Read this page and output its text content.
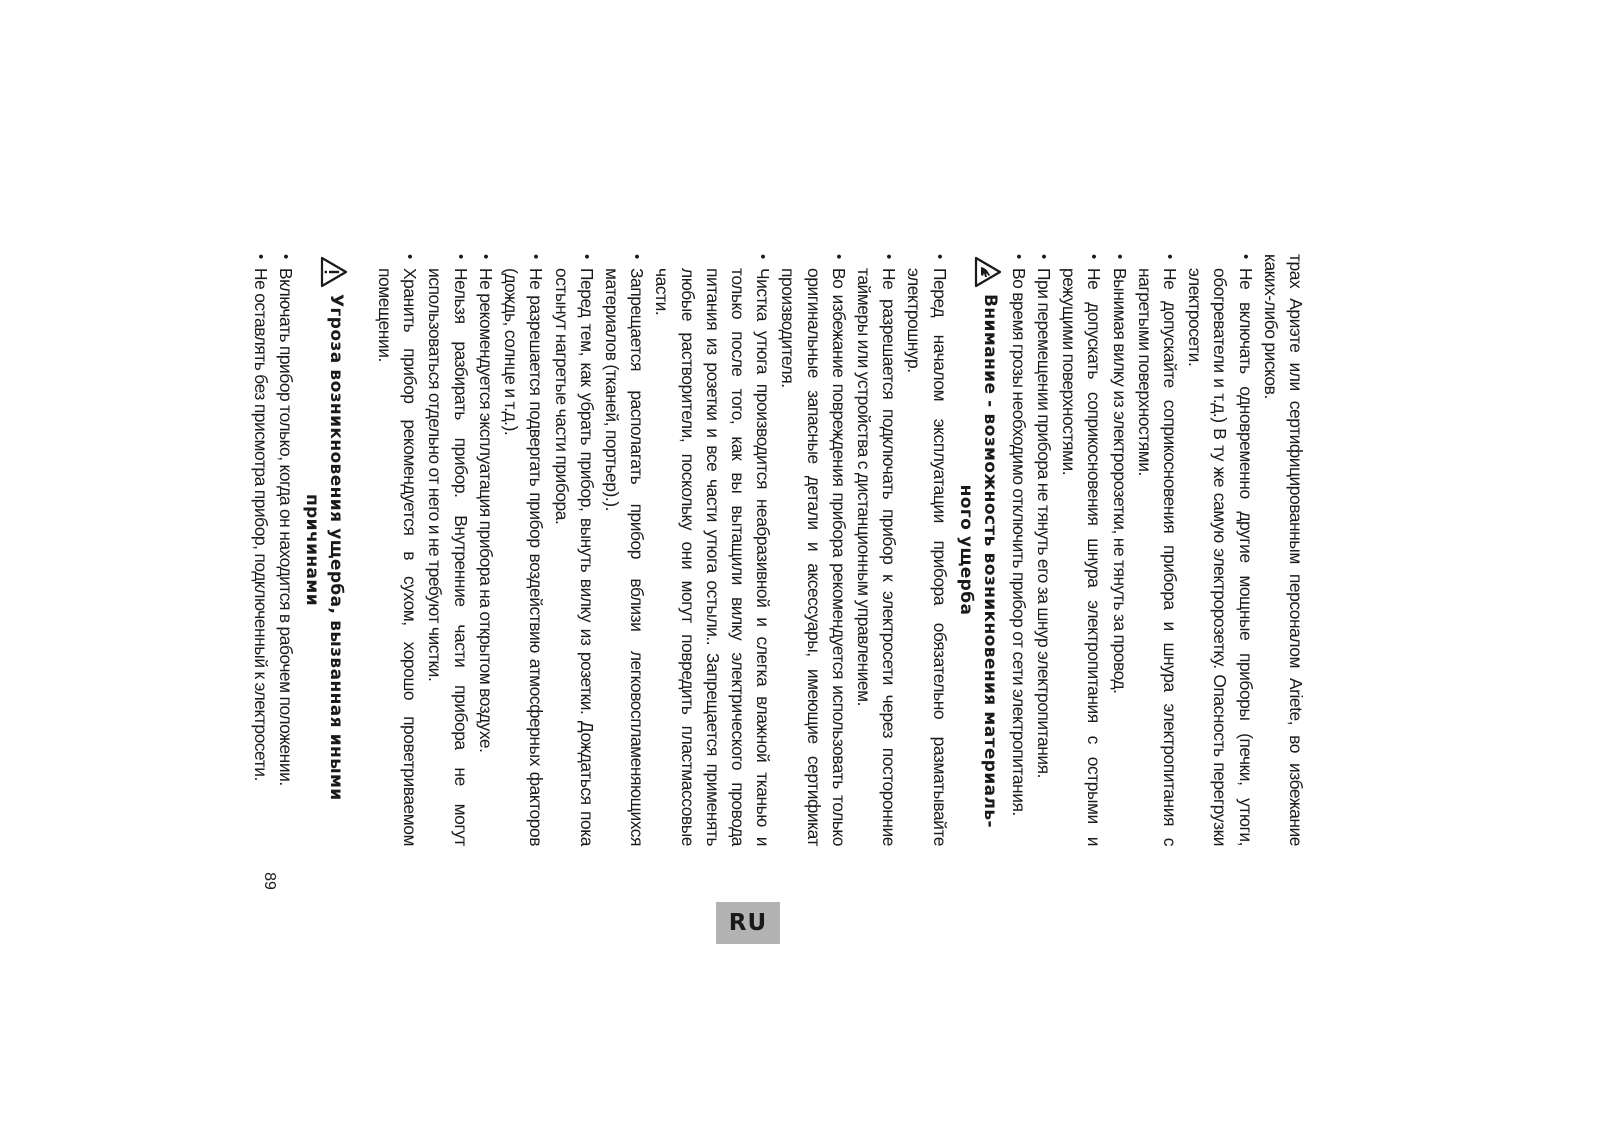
трах Ариэте или сертифицированным персоналом Ariete, во избежание каких-либо рисков.

• Не включать одновременно другие мощные приборы (печки, утюги, обогреватели и т.д.) В ту же самую электророзетку. Опасность перегрузки электросети.
• Не допускайте соприкосновения прибора и шнура электропитания с нагретыми поверхностями.
• Вынимая вилку из электророзетки, не тянуть за провод.
• Не допускать соприкосновения шнура электропитания с острыми и режущими поверхностями.
• При перемещении прибора не тянуть его за шнур электропитания.
• Во время грозы необходимо отключить прибор от сети электропитания.
Внимание - возможность возникновения материаль-
ного ущерба
• Перед началом эксплуатации прибора обязательно разматывайте электрошнур.
• Не разрешается подключать прибор к электросети через посторонние таймеры или устройства с дистанционным управлением.
• Во избежание повреждения прибора рекомендуется использовать только оригинальные запасные детали и аксессуары, имеющие сертификат производителя.
• Чистка утюга производится неабразивной и слегка влажной тканью и только после того, как вы вытащили вилку электрического провода питания из розетки и все части утюга остыли.. Запрещается применять любые растворители, поскольку они могут повредить пластмассовые части.
• Запрещается располагать прибор вблизи легковоспламеняющихся материалов (тканей, портьер).).
• Перед тем, как убрать прибор, вынуть вилку из розетки. Дождаться пока остынут нагретые части прибора.
• Не разрешается подвергать прибор воздействию атмосферных факторов (дождь, солнце и т.д.).
• Не рекомендуется эксплуатация прибора на открытом воздухе.
• Нельзя разбирать прибор. Внутренние части прибора не могут использоваться отдельно от него и не требуют чистки.
• Хранить прибор рекомендуется в сухом, хорошо проветриваемом помещении.
Угроза возникновения ущерба, вызванная иными
причинами
• Включать прибор только, когда он находится в рабочем положении.
• Не оставлять без присмотра прибор, подключенный к электросети.
RU
89
